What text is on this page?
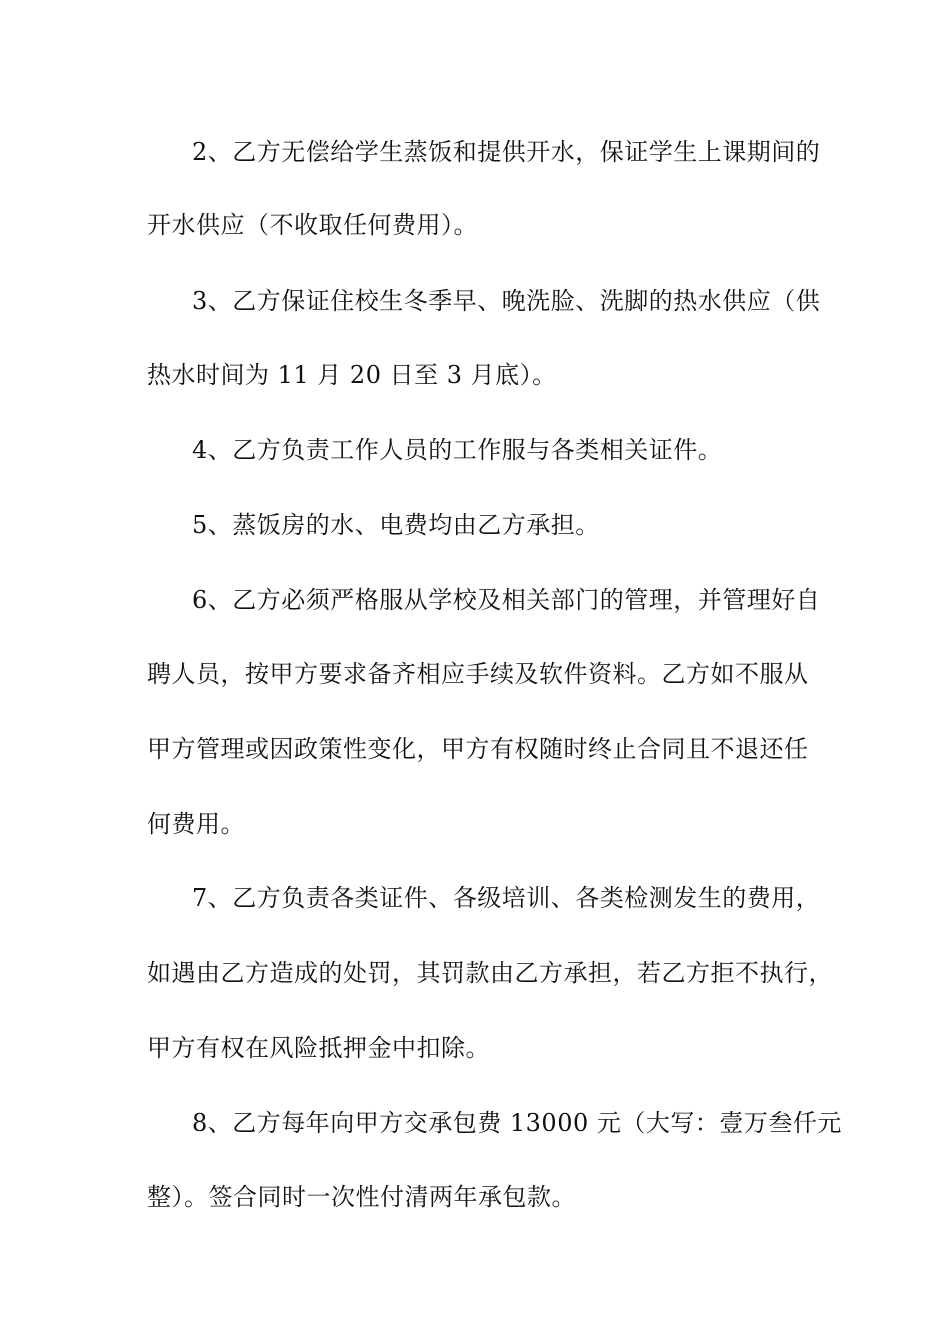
2、乙方无偿给学生蒸饭和提供开水，保证学生上课期间的
开水供应（不收取任何费用）。
3、乙方保证住校生冬季早、晚洗脸、洗脚的热水供应（供
热水时间为 11 月 20 日至 3 月底）。
4、乙方负责工作人员的工作服与各类相关证件。
5、蒸饭房的水、电费均由乙方承担。
6、乙方必须严格服从学校及相关部门的管理，并管理好自
聘人员，按甲方要求备齐相应手续及软件资料。乙方如不服从
甲方管理或因政策性变化，甲方有权随时终止合同且不退还任
何费用。
7、乙方负责各类证件、各级培训、各类检测发生的费用，
如遇由乙方造成的处罚，其罚款由乙方承担，若乙方拒不执行，
甲方有权在风险抵押金中扣除。
8、乙方每年向甲方交承包费 13000 元（大写：壹万叁仟元
整）。签合同时一次性付清两年承包款。
